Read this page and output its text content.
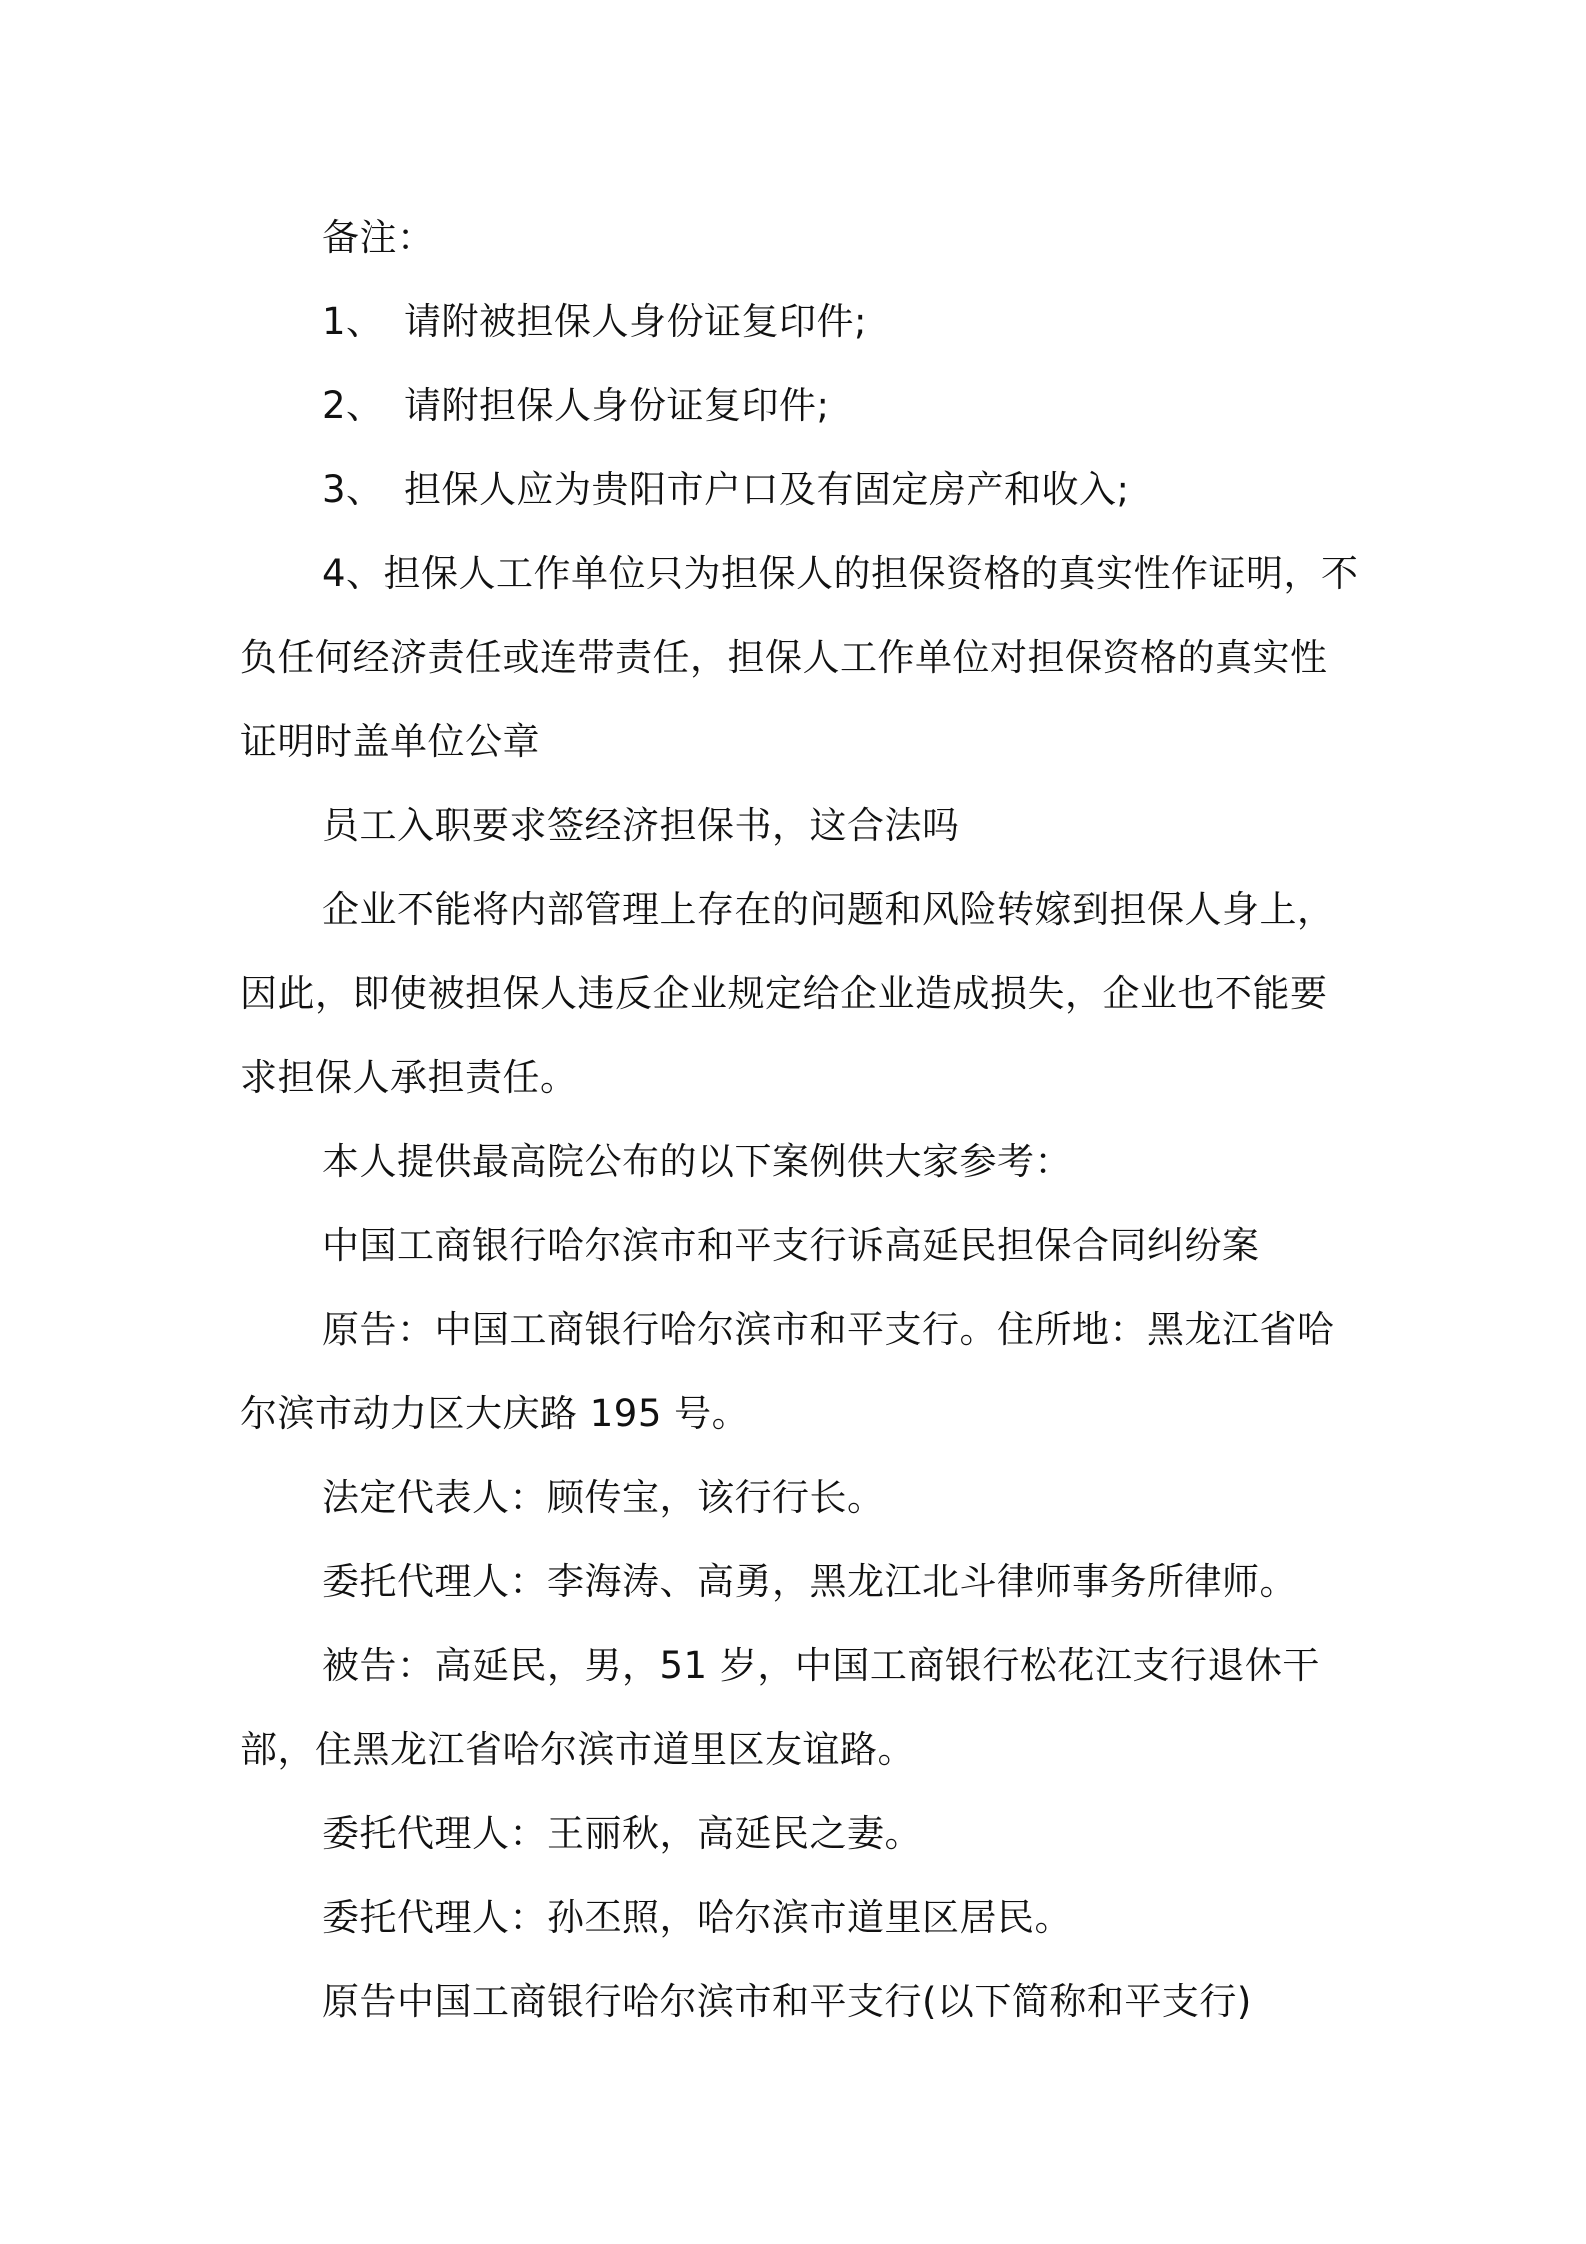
备注：

1、 请附被担保人身份证复印件;

2、 请附担保人身份证复印件;

3、 担保人应为贵阳市户口及有固定房产和收入;

4、担保人工作单位只为担保人的担保资格的真实性作证明，不负任何经济责任或连带责任，担保人工作单位对担保资格的真实性证明时盖单位公章

员工入职要求签经济担保书，这合法吗

企业不能将内部管理上存在的问题和风险转嫁到担保人身上，因此，即使被担保人违反企业规定给企业造成损失，企业也不能要求担保人承担责任。

本人提供最高院公布的以下案例供大家参考：

中国工商银行哈尔滨市和平支行诉高延民担保合同纠纷案

原告：中国工商银行哈尔滨市和平支行。住所地：黑龙江省哈尔滨市动力区大庆路 195 号。

法定代表人：顾传宝，该行行长。

委托代理人：李海涛、高勇，黑龙江北斗律师事务所律师。

被告：高延民，男，51 岁，中国工商银行松花江支行退休干部，住黑龙江省哈尔滨市道里区友谊路。

委托代理人：王丽秋，高延民之妻。

委托代理人：孙丕照，哈尔滨市道里区居民。

原告中国工商银行哈尔滨市和平支行(以下简称和平支行)
